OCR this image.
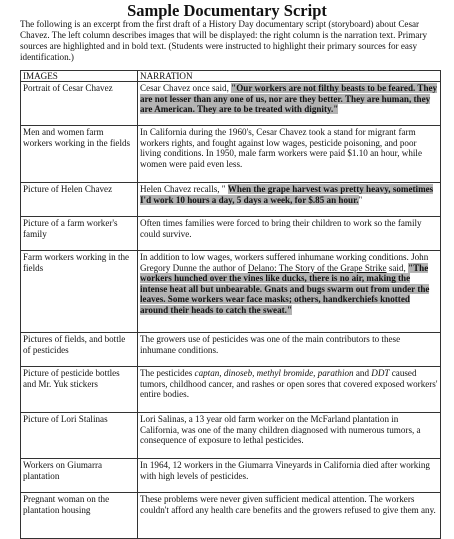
Sample Documentary Script

The following is an excerpt from the first draft of a History Day documentary script (storyboard) about Cesar Chavez. The left column describes images that will be displayed: the right column is the narration text. Primary sources are highlighted and in bold text. (Students were instructed to highlight their primary sources for easy identification.)

IMAGES	NARRATION
Portrait of Cesar Chavez	Cesar Chavez once said, "Our workers are not filthy beasts to be feared. They are not lesser than any one of us, nor are they better. They are human, they are American. They are to be treated with dignity."
Men and women farm workers working in the fields	In California during the 1960's, Cesar Chavez took a stand for migrant farm workers rights, and fought against low wages, pesticide poisoning, and poor living conditions. In 1950, male farm workers were paid $1.10 an hour, while women were paid even less.
Picture of Helen Chavez	Helen Chavez recalls, " When the grape harvest was pretty heavy, sometimes I'd work 10 hours a day, 5 days a week, for $.85 an hour."
Picture of a farm worker's family	Often times families were forced to bring their children to work so the family could survive.
Farm workers working in the fields	In addition to low wages, workers suffered inhumane working conditions. John Gregory Dunne the author of Delano: The Story of the Grape Strike said, "The workers hunched over the vines like ducks, there is no air, making the intense heat all but unbearable. Gnats and bugs swarm out from under the leaves. Some workers wear face masks; others, handkerchiefs knotted around their heads to catch the sweat."
Pictures of fields, and bottle of pesticides	The growers use of pesticides was one of the main contributors to these inhumane conditions.
Picture of pesticide bottles and Mr. Yuk stickers	The pesticides captan, dinoseb, methyl bromide, parathion and DDT caused tumors, childhood cancer, and rashes or open sores that covered exposed workers' entire bodies.
Picture of Lori Stalinas	Lori Salinas, a 13 year old farm worker on the McFarland plantation in California, was one of the many children diagnosed with numerous tumors, a consequence of exposure to lethal pesticides.
Workers on Giumarra plantation	In 1964, 12 workers in the Giumarra Vineyards in California died after working with high levels of pesticides.
Pregnant woman on the plantation housing	These problems were never given sufficient medical attention. The workers couldn't afford any health care benefits and the growers refused to give them any.
